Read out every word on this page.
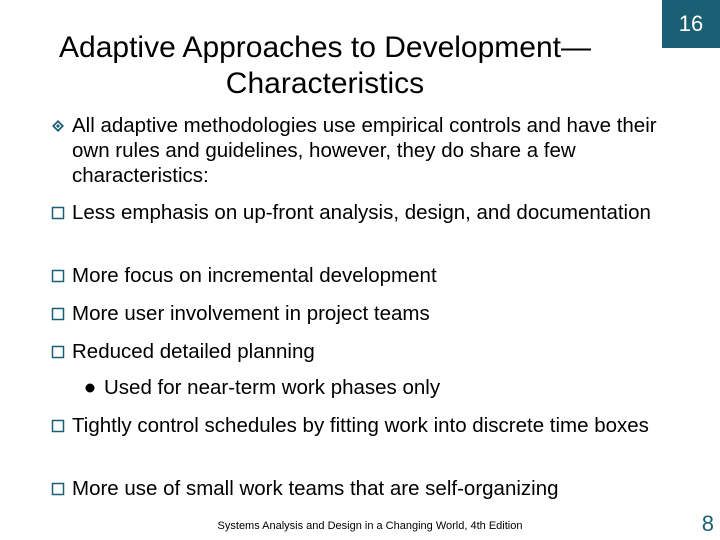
Adaptive Approaches to Development—
Characteristics
16
All adaptive methodologies use empirical controls and have their own rules and guidelines, however, they do share a few characteristics:
Less emphasis on up-front analysis, design, and documentation
More focus on incremental development
More user involvement in project teams
Reduced detailed planning
Used for near-term work phases only
Tightly control schedules by fitting work into discrete time boxes
More use of small work teams that are self-organizing
Systems Analysis and Design in a Changing World, 4th Edition	8
